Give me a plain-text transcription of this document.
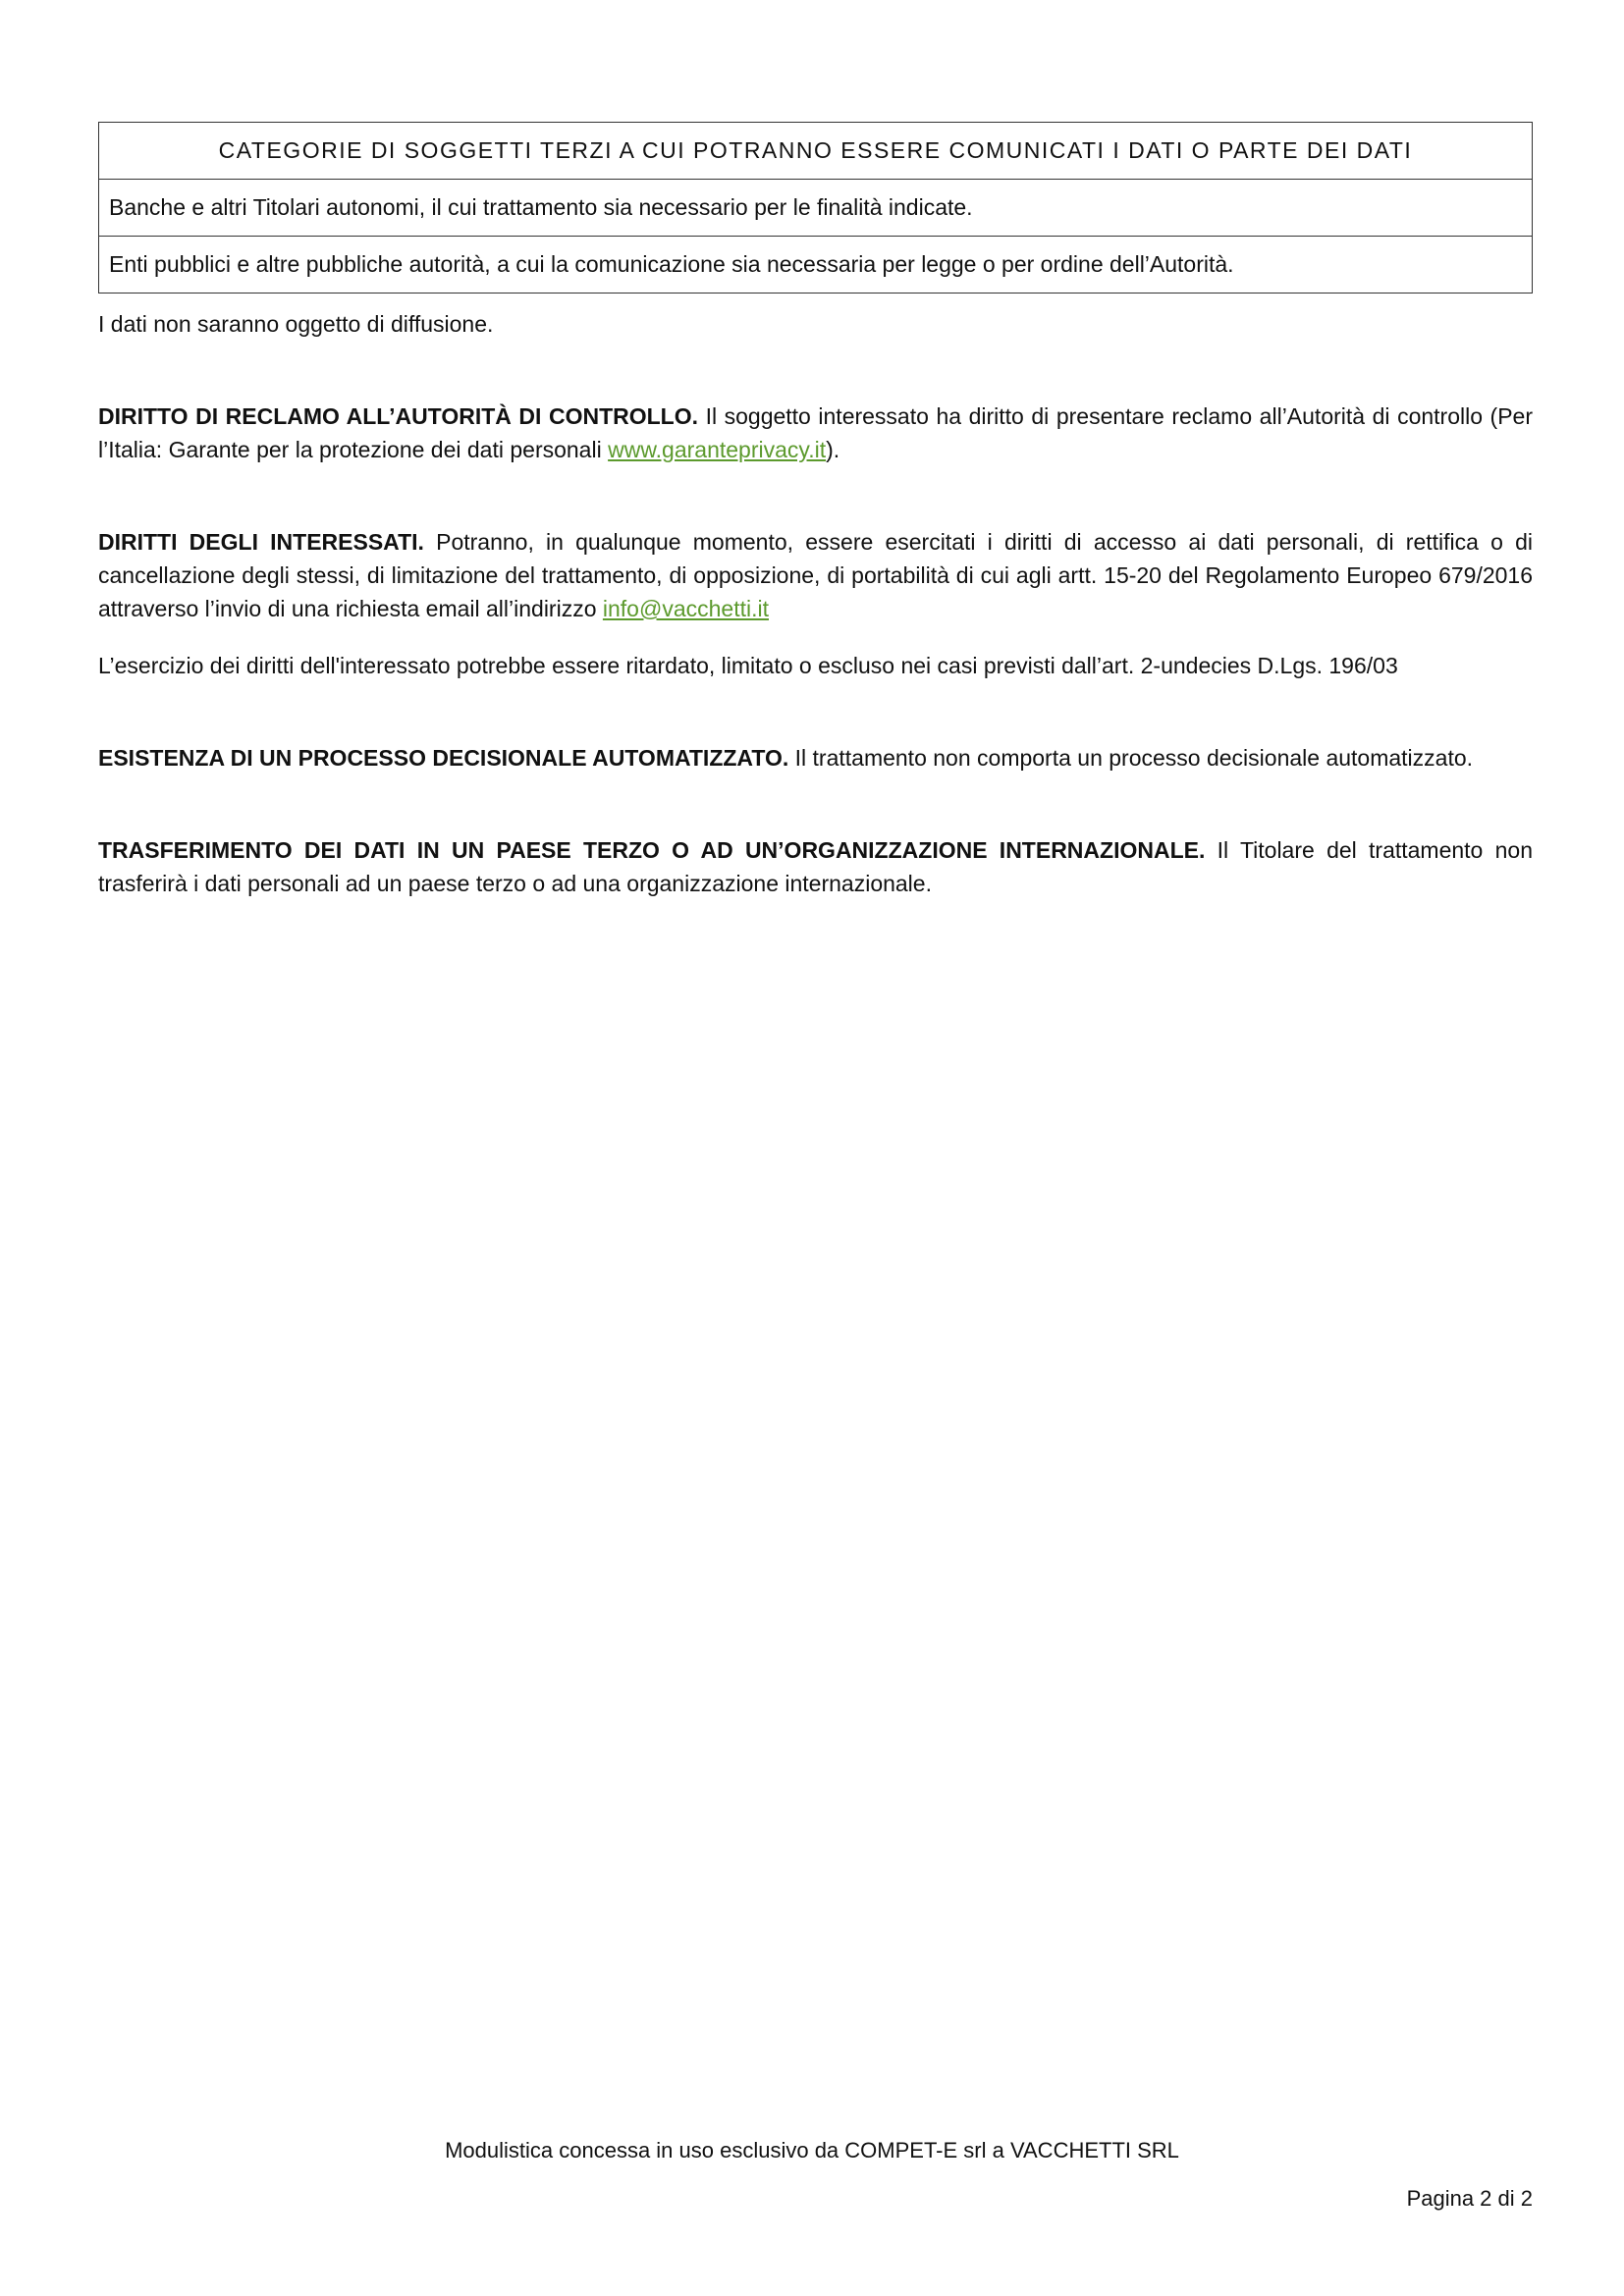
CATEGORIE DI SOGGETTI TERZI A CUI POTRANNO ESSERE COMUNICATI I DATI O PARTE DEI DATI
Banche e altri Titolari autonomi, il cui trattamento sia necessario per le finalità indicate.
Enti pubblici e altre pubbliche autorità, a cui la comunicazione sia necessaria per legge o per ordine dell’Autorità.

I dati non saranno oggetto di diffusione.

DIRITTO DI RECLAMO ALL’AUTORITÀ DI CONTROLLO. Il soggetto interessato ha diritto di presentare reclamo all’Autorità di controllo (Per l’Italia: Garante per la protezione dei dati personali www.garanteprivacy.it).

DIRITTI DEGLI INTERESSATI. Potranno, in qualunque momento, essere esercitati i diritti di accesso ai dati personali, di rettifica o di cancellazione degli stessi, di limitazione del trattamento, di opposizione, di portabilità di cui agli artt. 15-20 del Regolamento Europeo 679/2016 attraverso l’invio di una richiesta email all’indirizzo info@vacchetti.it

L’esercizio dei diritti dell'interessato potrebbe essere ritardato, limitato o escluso nei casi previsti dall’art. 2-undecies D.Lgs. 196/03

ESISTENZA DI UN PROCESSO DECISIONALE AUTOMATIZZATO. Il trattamento non comporta un processo decisionale automatizzato.

TRASFERIMENTO DEI DATI IN UN PAESE TERZO O AD UN’ORGANIZZAZIONE INTERNAZIONALE. Il Titolare del trattamento non trasferirà i dati personali ad un paese terzo o ad una organizzazione internazionale.

Modulistica concessa in uso esclusivo da COMPET-E srl a VACCHETTI SRL
Pagina 2 di 2
